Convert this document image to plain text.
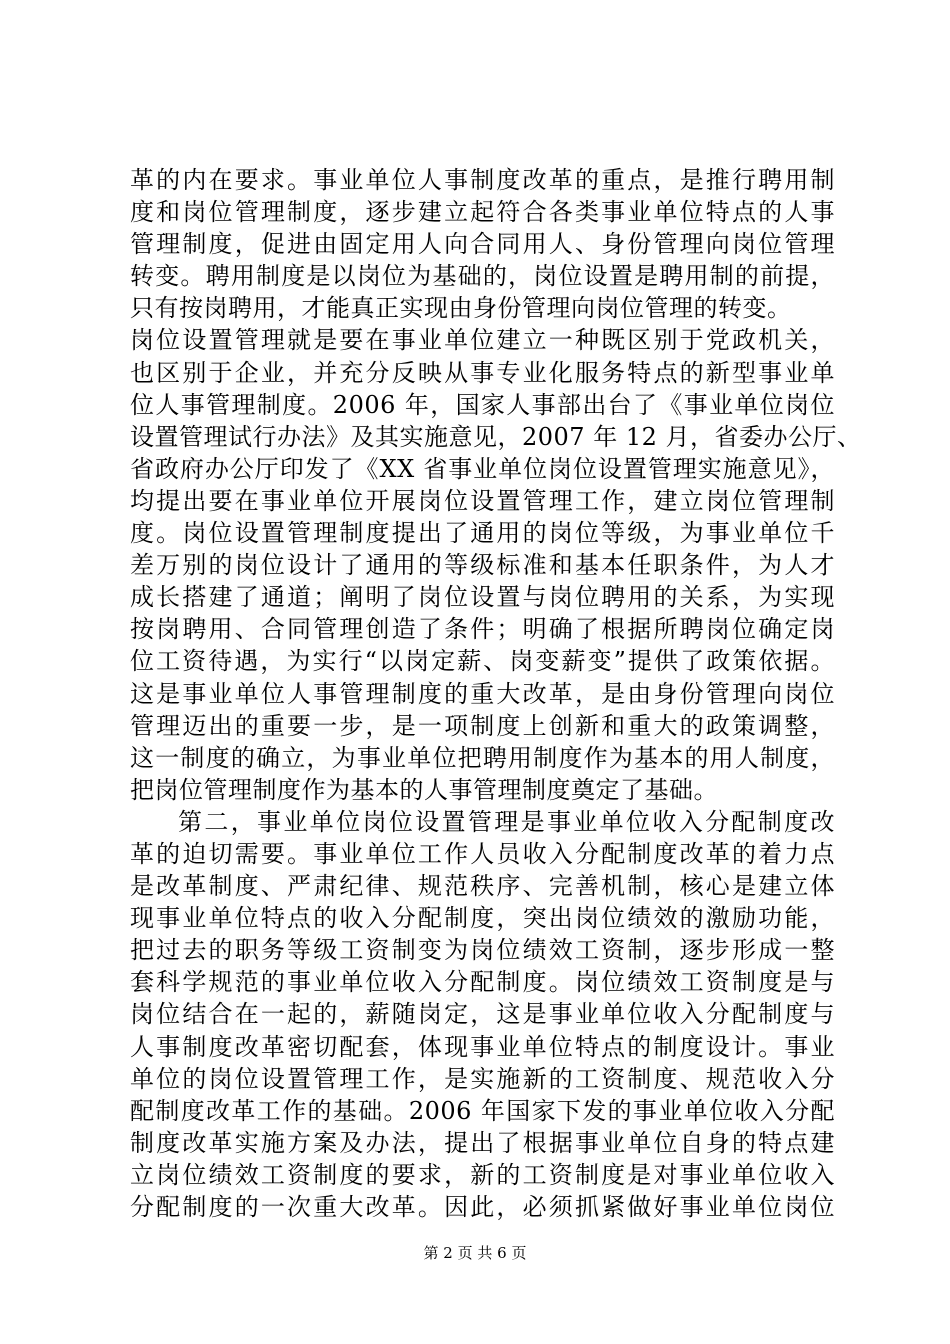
革的内在要求。事业单位人事制度改革的重点，是推行聘用制
度和岗位管理制度，逐步建立起符合各类事业单位特点的人事
管理制度，促进由固定用人向合同用人、身份管理向岗位管理
转变。聘用制度是以岗位为基础的，岗位设置是聘用制的前提，
只有按岗聘用，才能真正实现由身份管理向岗位管理的转变。
岗位设置管理就是要在事业单位建立一种既区别于党政机关，
也区别于企业，并充分反映从事专业化服务特点的新型事业单
位人事管理制度。2006 年，国家人事部出台了《事业单位岗位
设置管理试行办法》及其实施意见，2007 年 12 月，省委办公厅、
省政府办公厅印发了《XX 省事业单位岗位设置管理实施意见》，
均提出要在事业单位开展岗位设置管理工作，建立岗位管理制
度。岗位设置管理制度提出了通用的岗位等级，为事业单位千
差万别的岗位设计了通用的等级标准和基本任职条件，为人才
成长搭建了通道；阐明了岗位设置与岗位聘用的关系，为实现
按岗聘用、合同管理创造了条件；明确了根据所聘岗位确定岗
位工资待遇，为实行“以岗定薪、岗变薪变”提供了政策依据。
这是事业单位人事管理制度的重大改革，是由身份管理向岗位
管理迈出的重要一步，是一项制度上创新和重大的政策调整，
这一制度的确立，为事业单位把聘用制度作为基本的用人制度，
把岗位管理制度作为基本的人事管理制度奠定了基础。
第二，事业单位岗位设置管理是事业单位收入分配制度改
革的迫切需要。事业单位工作人员收入分配制度改革的着力点
是改革制度、严肃纪律、规范秩序、完善机制，核心是建立体
现事业单位特点的收入分配制度，突出岗位绩效的激励功能，
把过去的职务等级工资制变为岗位绩效工资制，逐步形成一整
套科学规范的事业单位收入分配制度。岗位绩效工资制度是与
岗位结合在一起的，薪随岗定，这是事业单位收入分配制度与
人事制度改革密切配套，体现事业单位特点的制度设计。事业
单位的岗位设置管理工作，是实施新的工资制度、规范收入分
配制度改革工作的基础。2006 年国家下发的事业单位收入分配
制度改革实施方案及办法，提出了根据事业单位自身的特点建
立岗位绩效工资制度的要求，新的工资制度是对事业单位收入
分配制度的一次重大改革。因此，必须抓紧做好事业单位岗位
第 2 页 共 6 页
